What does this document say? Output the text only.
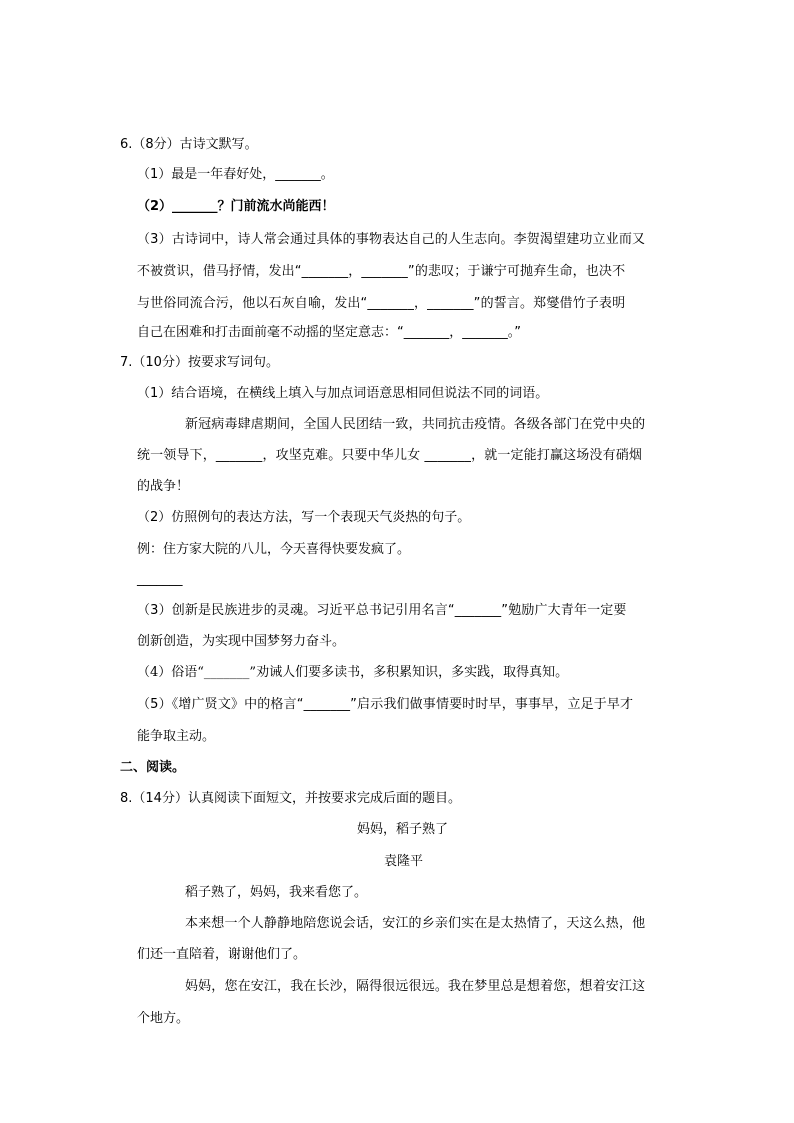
6.（8分）古诗文默写。
（1）最是一年春好处，_______。
（2）_______？门前流水尚能西！
（3）古诗词中，诗人常会通过具体的事物表达自己的人生志向。李贺渴望建功立业而又
不被赏识，借马抒情，发出“_______，_______”的悲叹；于谦宁可抛弃生命，也决不
与世俗同流合污，他以石灰自喻，发出“_______，_______”的誓言。郑燮借竹子表明
自己在困难和打击面前毫不动摇的坚定意志：“_______，_______。”
7.（10分）按要求写词句。
（1）结合语境，在横线上填入与加点词语意思相同但说法不同的词语。
新冠病毒肆虐期间，全国人民团结一致，共同抗击疫情。各级各部门在党中央的
统一领导下，_______，攻坚克难。只要中华儿女 _______，就一定能打赢这场没有硝烟
的战争！
（2）仿照例句的表达方法，写一个表现天气炎热的句子。
例：住方家大院的八儿，今天喜得快要发疯了。
_______
（3）创新是民族进步的灵魂。习近平总书记引用名言“_______”勉励广大青年一定要
创新创造，为实现中国梦努力奋斗。
（4）俗语“_______”劝诫人们要多读书，多积累知识，多实践，取得真知。
（5）《增广贤文》中的格言“_______”启示我们做事情要时时早，事事早，立足于早才
能争取主动。
二、阅读。
8.（14分）认真阅读下面短文，并按要求完成后面的题目。
妈妈，稻子熟了
袁隆平
稻子熟了，妈妈，我来看您了。
本来想一个人静静地陪您说会话，安江的乡亲们实在是太热情了，天这么热，他
们还一直陪着，谢谢他们了。
妈妈，您在安江，我在长沙，隔得很远很远。我在梦里总是想着您，想着安江这
个地方。
